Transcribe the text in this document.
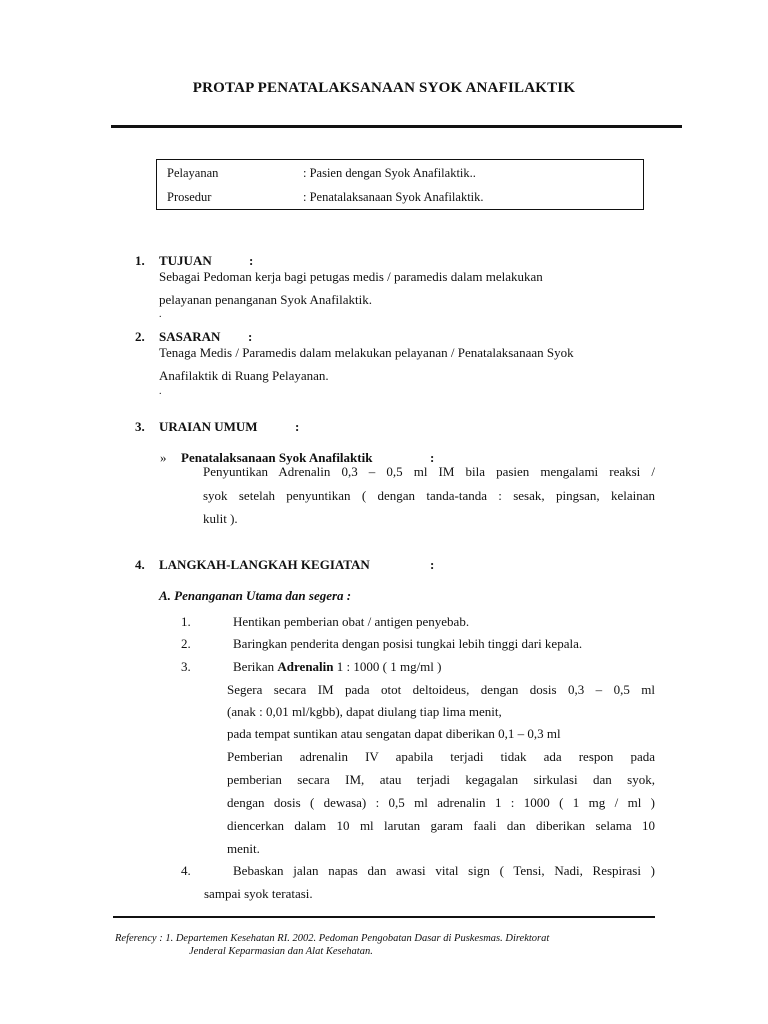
PROTAP PENATALAKSANAAN SYOK ANAFILAKTIK
Pelayanan	: Pasien dengan Syok Anafilaktik..
Prosedur	: Penatalaksanaan Syok Anafilaktik.
1. TUJUAN	:
Sebagai Pedoman kerja bagi petugas medis / paramedis dalam melakukan
pelayanan penanganan Syok Anafilaktik.
.
2. SASARAN :
Tenaga Medis / Paramedis dalam melakukan pelayanan / Penatalaksanaan Syok
Anafilaktik di Ruang Pelayanan.
.
3. URAIAN UMUM	:
» Penatalaksanaan Syok Anafilaktik	:
Penyuntikan Adrenalin 0,3 – 0,5 ml IM bila pasien mengalami reaksi /
syok setelah penyuntikan ( dengan tanda-tanda : sesak, pingsan, kelainan
kulit ).
4. LANGKAH-LANGKAH KEGIATAN	:
A. Penanganan Utama dan segera :
1.	Hentikan pemberian obat / antigen penyebab.
2.	Baringkan penderita dengan posisi tungkai lebih tinggi dari kepala.
3.	Berikan Adrenalin 1 : 1000 ( 1 mg/ml )
Segera secara IM pada otot deltoideus, dengan dosis 0,3 – 0,5 ml
(anak : 0,01 ml/kgbb), dapat diulang tiap lima menit,
pada tempat suntikan atau sengatan dapat diberikan 0,1 – 0,3 ml
Pemberian adrenalin IV apabila terjadi tidak ada respon pada
pemberian secara IM, atau terjadi kegagalan sirkulasi dan syok,
dengan dosis ( dewasa) : 0,5 ml adrenalin 1 : 1000 ( 1 mg / ml )
diencerkan dalam 10 ml larutan garam faali dan diberikan selama 10
menit.
4.	Bebaskan jalan napas dan awasi vital sign ( Tensi, Nadi, Respirasi )
sampai syok teratasi.
Referency : 1. Departemen Kesehatan RI. 2002. Pedoman Pengobatan Dasar di Puskesmas. Direktorat
Jenderal Keparmasian dan Alat Kesehatan.
